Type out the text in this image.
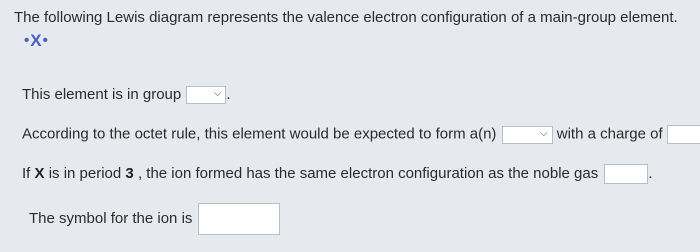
The following Lewis diagram represents the valence electron configuration of a main-group element.
•X•
This element is in group	⌵ .
According to the octet rule, this element would be expected to form a(n)	⌵ with a charge of
If X is in period 3 , the ion formed has the same electron configuration as the noble gas	.
The symbol for the ion is
